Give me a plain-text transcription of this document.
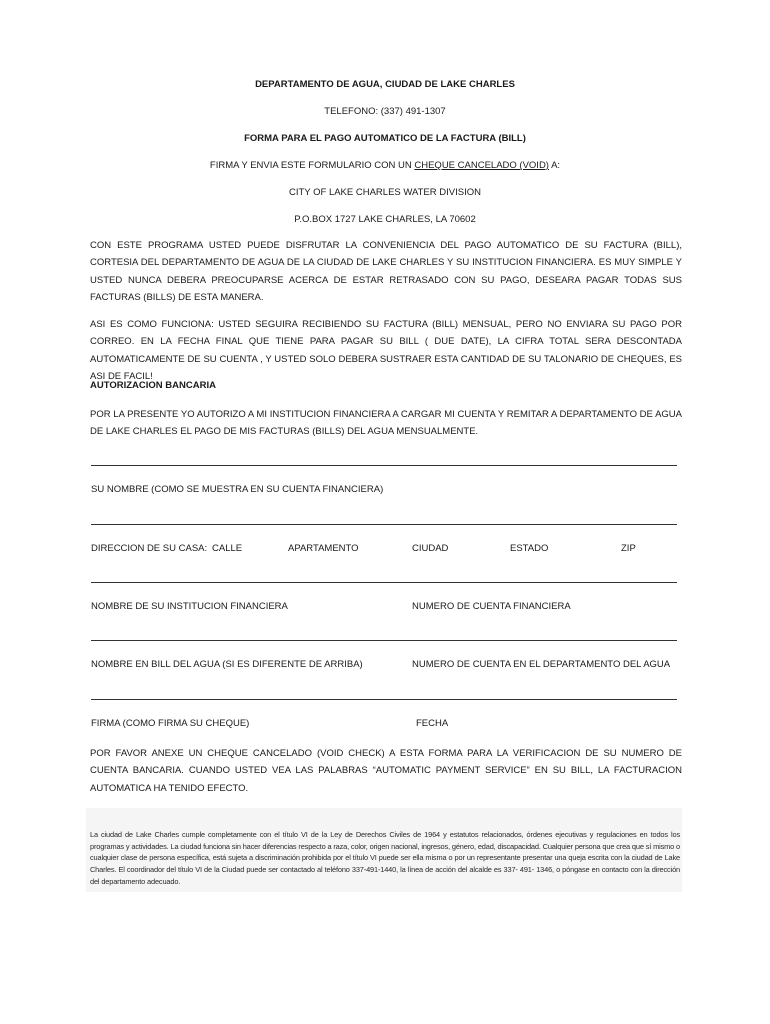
DEPARTAMENTO DE AGUA, CIUDAD DE LAKE CHARLES
TELEFONO: (337) 491-1307
FORMA PARA EL PAGO AUTOMATICO DE LA FACTURA (BILL)
FIRMA Y ENVIA ESTE FORMULARIO CON UN CHEQUE CANCELADO (VOID) A:
CITY OF LAKE CHARLES WATER DIVISION
P.O.BOX 1727 LAKE CHARLES, LA 70602
CON ESTE PROGRAMA USTED PUEDE DISFRUTAR LA CONVENIENCIA DEL PAGO AUTOMATICO DE SU FACTURA (BILL), CORTESIA DEL DEPARTAMENTO DE AGUA DE LA CIUDAD DE LAKE CHARLES Y SU INSTITUCION FINANCIERA. ES MUY SIMPLE Y USTED NUNCA DEBERA PREOCUPARSE ACERCA DE ESTAR RETRASADO CON SU PAGO, DESEARA PAGAR TODAS SUS FACTURAS (BILLS) DE ESTA MANERA.
ASI ES COMO FUNCIONA: USTED SEGUIRA RECIBIENDO SU FACTURA (BILL) MENSUAL, PERO NO ENVIARA SU PAGO POR CORREO. EN LA FECHA FINAL QUE TIENE PARA PAGAR SU BILL ( DUE DATE), LA CIFRA TOTAL SERA DESCONTADA AUTOMATICAMENTE DE SU CUENTA , Y USTED SOLO DEBERA SUSTRAER ESTA CANTIDAD DE SU TALONARIO DE CHEQUES, ES ASI DE FACIL!
AUTORIZACION BANCARIA
POR LA PRESENTE YO AUTORIZO A MI INSTITUCION FINANCIERA A CARGAR MI CUENTA Y REMITAR A DEPARTAMENTO DE AGUA DE LAKE CHARLES EL PAGO DE MIS FACTURAS (BILLS) DEL AGUA MENSUALMENTE.
SU NOMBRE (COMO SE MUESTRA EN SU CUENTA FINANCIERA)
DIRECCION DE SU CASA: CALLE	APARTAMENTO	CIUDAD	ESTADO	ZIP
NOMBRE DE SU INSTITUCION FINANCIERA	NUMERO DE CUENTA FINANCIERA
NOMBRE EN BILL DEL AGUA (SI ES DIFERENTE DE ARRIBA)	NUMERO DE CUENTA EN EL DEPARTAMENTO DEL AGUA
FIRMA (COMO FIRMA SU CHEQUE)	FECHA
POR FAVOR ANEXE UN CHEQUE CANCELADO (VOID CHECK) A ESTA FORMA PARA LA VERIFICACION DE SU NUMERO DE CUENTA BANCARIA. CUANDO USTED VEA LAS PALABRAS “AUTOMATIC PAYMENT SERVICE” EN SU BILL, LA FACTURACION AUTOMATICA HA TENIDO EFECTO.
La ciudad de Lake Charles cumple completamente con el título VI de la Ley de Derechos Civiles de 1964 y estatutos relacionados, órdenes ejecutivas y regulaciones en todos los programas y actividades. La ciudad funciona sin hacer diferencias respecto a raza, color, origen nacional, ingresos, género, edad, discapacidad. Cualquier persona que crea que sí mismo o cualquier clase de persona específica, está sujeta a discriminación prohibida por el título VI puede ser ella misma o por un representante presentar una queja escrita con la ciudad de Lake Charles. El coordinador del título VI de la Ciudad puede ser contactado al teléfono 337-491-1440, la línea de acción del alcalde es 337- 491- 1346, o póngase en contacto con la dirección del departamento adecuado.
